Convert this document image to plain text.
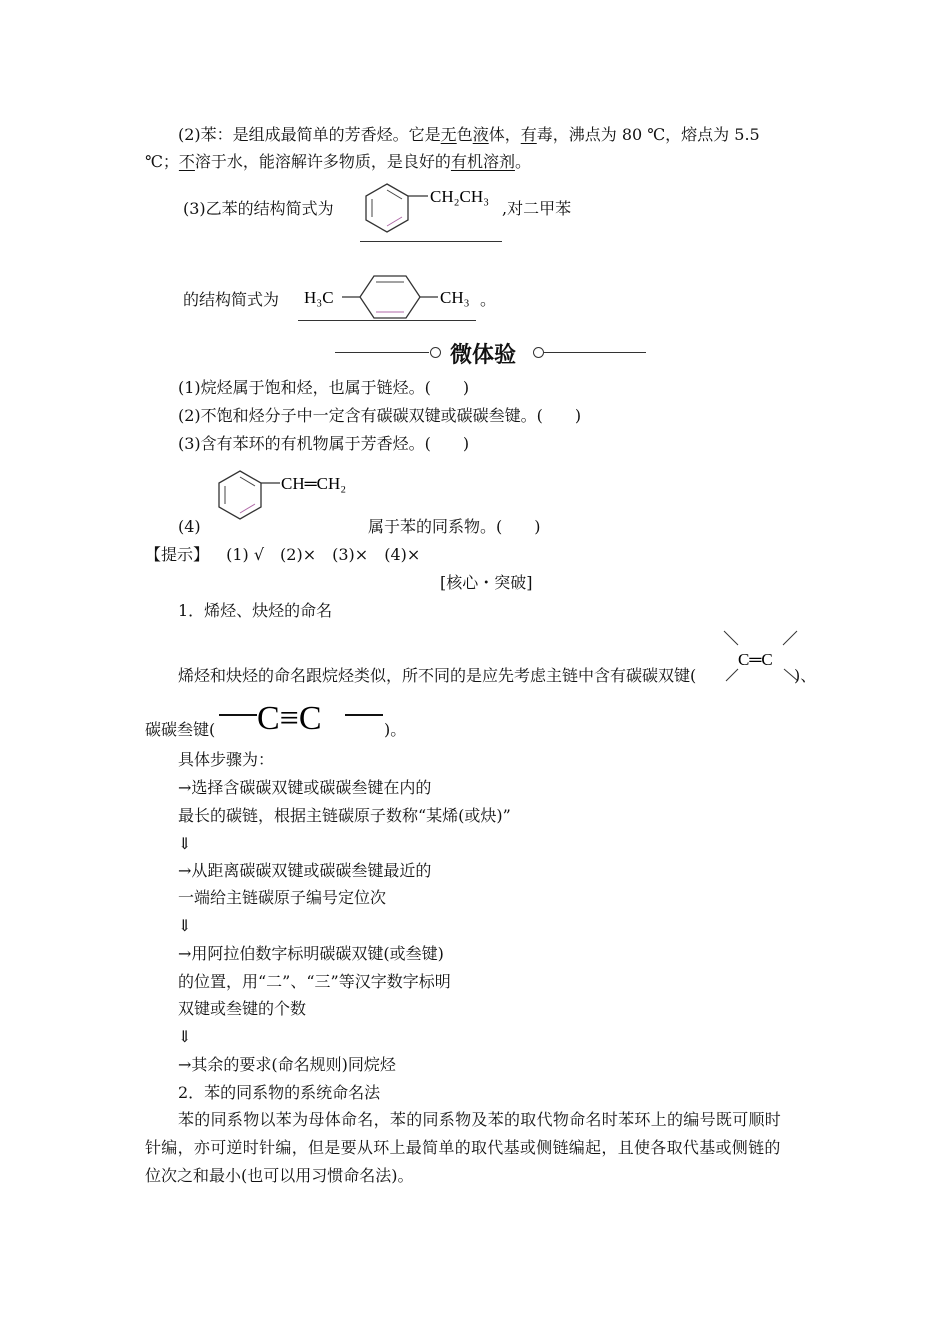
(2)苯：是组成最简单的芳香烃。它是无色液体，有毒，沸点为 80 ℃，熔点为 5.5
℃；不溶于水，能溶解许多物质，是良好的有机溶剂。
(3)乙苯的结构简式为
CH₂CH₃
,对二甲苯
的结构简式为 H₃C	CH₃ 。
微体验
(1)烷烃属于饱和烃，也属于链烃。(　　)
(2)不饱和烃分子中一定含有碳碳双键或碳碳叁键。(　　)
(3)含有苯环的有机物属于芳香烃。(　　)
(4)
CH═CH₂
属于苯的同系物。(　　)
【提示】 (1) √　(2)×　(3)×　(4)×
[核心・突破]
1．烯烃、炔烃的命名
烯烃和炔烃的命名跟烷烃类似，所不同的是应先考虑主链中含有碳碳双键(
C═C
)、
碳碳叁键( C≡C	)。
具体步骤为：
→选择含碳碳双键或碳碳叁键在内的
最长的碳链，根据主链碳原子数称“某烯(或炔)”
⇓
→从距离碳碳双键或碳碳叁键最近的
一端给主链碳原子编号定位次
⇓
→用阿拉伯数字标明碳碳双键(或叁键)
的位置，用“二”、“三”等汉字数字标明
双键或叁键的个数
⇓
→其余的要求(命名规则)同烷烃
2．苯的同系物的系统命名法
苯的同系物以苯为母体命名，苯的同系物及苯的取代物命名时苯环上的编号既可顺时
针编，亦可逆时针编，但是要从环上最简单的取代基或侧链编起，且使各取代基或侧链的
位次之和最小(也可以用习惯命名法)。
